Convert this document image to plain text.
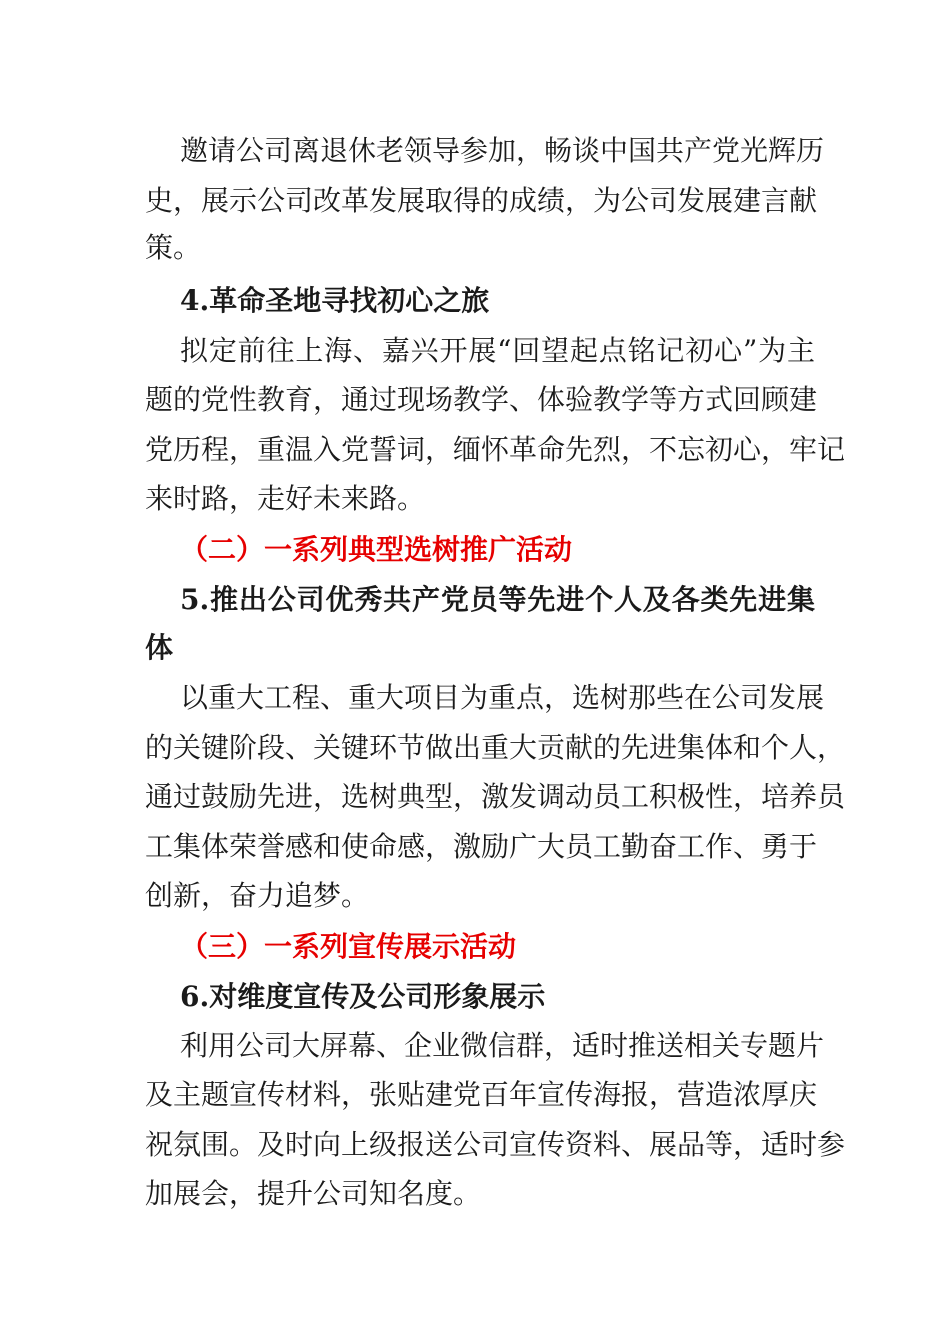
邀请公司离退休老领导参加，畅谈中国共产党光辉历
史，展示公司改革发展取得的成绩，为公司发展建言献
策。
4.革命圣地寻找初心之旅
拟定前往上海、嘉兴开展“回望起点铭记初心”为主
题的党性教育，通过现场教学、体验教学等方式回顾建
党历程，重温入党誓词，缅怀革命先烈，不忘初心，牢记
来时路，走好未来路。
（二）一系列典型选树推广活动
5.推出公司优秀共产党员等先进个人及各类先进集
体
以重大工程、重大项目为重点，选树那些在公司发展
的关键阶段、关键环节做出重大贡献的先进集体和个人，
通过鼓励先进，选树典型，激发调动员工积极性，培养员
工集体荣誉感和使命感，激励广大员工勤奋工作、勇于
创新，奋力追梦。
（三）一系列宣传展示活动
6.对维度宣传及公司形象展示
利用公司大屏幕、企业微信群，适时推送相关专题片
及主题宣传材料，张贴建党百年宣传海报，营造浓厚庆
祝氛围。及时向上级报送公司宣传资料、展品等，适时参
加展会，提升公司知名度。
